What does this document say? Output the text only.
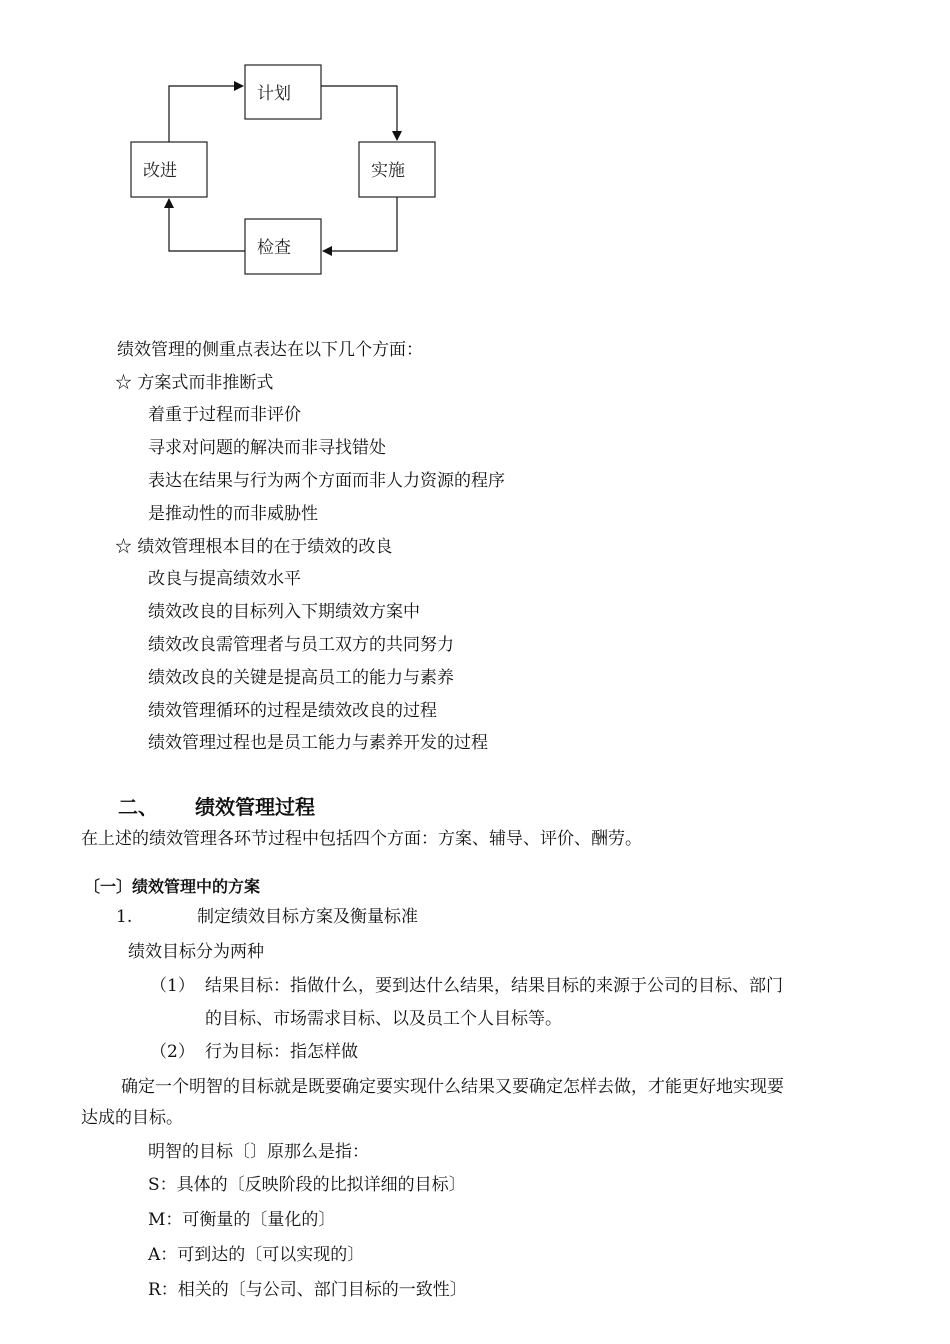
计划
实施
检查
改进
绩效管理的侧重点表达在以下几个方面：
☆ 方案式而非推断式
着重于过程而非评价
寻求对问题的解决而非寻找错处
表达在结果与行为两个方面而非人力资源的程序
是推动性的而非威胁性
☆ 绩效管理根本目的在于绩效的改良
改良与提高绩效水平
绩效改良的目标列入下期绩效方案中
绩效改良需管理者与员工双方的共同努力
绩效改良的关键是提高员工的能力与素养
绩效管理循环的过程是绩效改良的过程
绩效管理过程也是员工能力与素养开发的过程
二、 绩效管理过程
在上述的绩效管理各环节过程中包括四个方面：方案、辅导、评价、酬劳。
〔一〕绩效管理中的方案
1.	制定绩效目标方案及衡量标准
绩效目标分为两种
（1） 结果目标：指做什么，要到达什么结果，结果目标的来源于公司的目标、部门
的目标、市场需求目标、以及员工个人目标等。
（2） 行为目标：指怎样做
确定一个明智的目标就是既要确定要实现什么结果又要确定怎样去做，才能更好地实现要
达成的目标。
明智的目标〔〕原那么是指：
S：具体的〔反映阶段的比拟详细的目标〕
M：可衡量的〔量化的〕
A：可到达的〔可以实现的〕
R：相关的〔与公司、部门目标的一致性〕
